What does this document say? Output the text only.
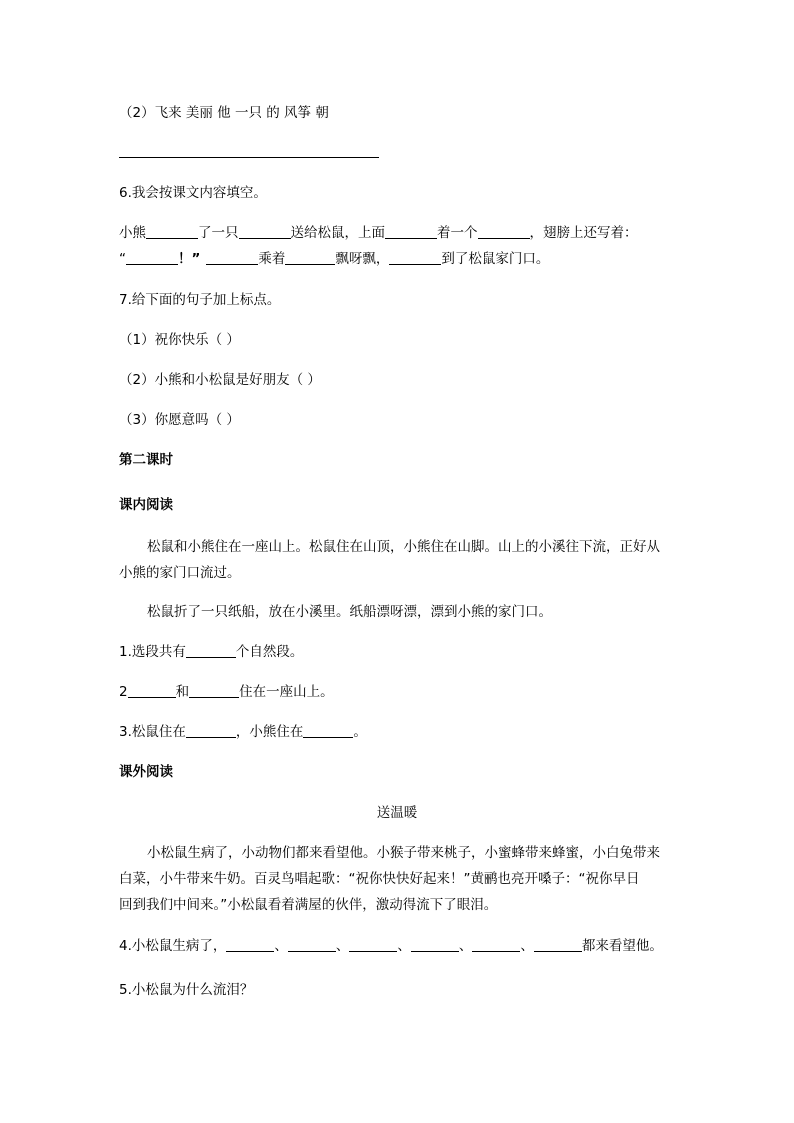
（2）飞来 美丽 他 一只 的 风筝 朝
6.我会按课文内容填空。
小熊	了一只	送给松鼠，上面	着一个	，翅膀上还写着：
“	！”	乘着	飘呀飘，	到了松鼠家门口。
7.给下面的句子加上标点。
（1）祝你快乐（ ）
（2）小熊和小松鼠是好朋友（ ）
（3）你愿意吗（ ）
第二课时
课内阅读
松鼠和小熊住在一座山上。松鼠住在山顶，小熊住在山脚。山上的小溪往下流，正好从
小熊的家门口流过。
松鼠折了一只纸船，放在小溪里。纸船漂呀漂，漂到小熊的家门口。
1.选段共有	个自然段。
2	和	住在一座山上。
3.松鼠住在	，小熊住在	。
课外阅读
送温暖
小松鼠生病了，小动物们都来看望他。小猴子带来桃子，小蜜蜂带来蜂蜜，小白兔带来
白菜，小牛带来牛奶。百灵鸟唱起歌：“祝你快快好起来！”黄鹂也亮开嗓子：“祝你早日
回到我们中间来。”小松鼠看着满屋的伙伴，激动得流下了眼泪。
4.小松鼠生病了，	、	、	、	、	、	都来看望他。
5.小松鼠为什么流泪？
